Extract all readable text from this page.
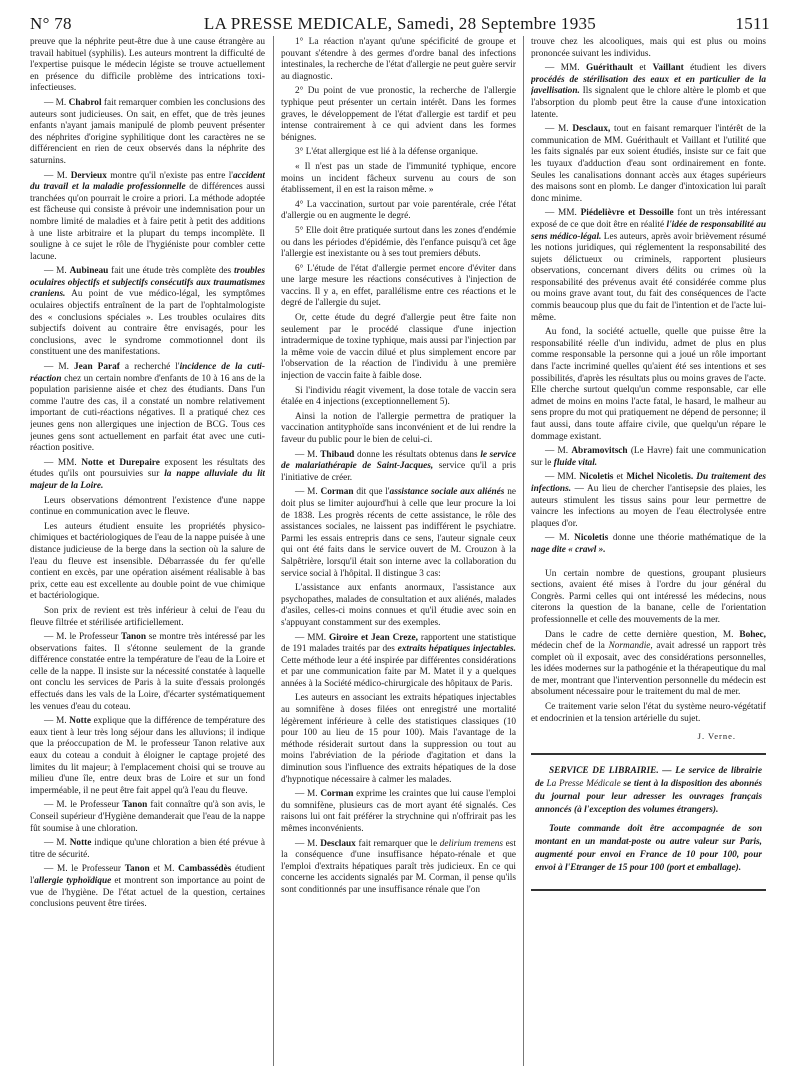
N° 78	LA PRESSE MEDICALE, Samedi, 28 Septembre 1935	1511

preuve que la néphrite peut-être due à une cause étrangère au travail habituel (syphilis). Les auteurs montrent la difficulté de l'expertise puisque le médecin légiste se trouve actuellement en présence du difficile problème des intrications toxi-infectieuses.

— M. Chabrol fait remarquer combien les conclusions des auteurs sont judicieuses. On sait, en effet, que de très jeunes enfants n'ayant jamais manipulé de plomb peuvent présenter des néphrites d'origine syphilitique dont les caractères ne se différencient en rien de ceux observés dans la néphrite des saturnins.

— M. Dervieux montre qu'il n'existe pas entre l'accident du travail et la maladie professionnelle de différences aussi tranchées qu'on pourrait le croire a priori. La méthode adoptée est fâcheuse qui consiste à prévoir une indemnisation pour un nombre limité de maladies et à faire petit à petit des additions à une liste arbitraire et la plupart du temps incomplète. Il souligne à ce sujet le rôle de l'hygiéniste pour combler cette lacune.

— M. Aubineau fait une étude très complète des troubles oculaires objectifs et subjectifs consécutifs aux traumatismes craniens. Au point de vue médico-légal, les symptômes oculaires objectifs entraînent de la part de l'ophtalmologiste des « conclusions spéciales ». Les troubles oculaires dits subjectifs doivent au contraire être envisagés, pour les conclusions, avec le syndrome commotionnel dont ils constituent une des manifestations.

— M. Jean Paraf a recherché l'incidence de la cuti-réaction chez un certain nombre d'enfants de 10 à 16 ans de la population parisienne aisée et chez des étudiants. Dans l'un comme l'autre des cas, il a constaté un nombre relativement important de cuti-réactions négatives. Il a pratiqué chez ces jeunes gens non allergiques une injection de BCG. Tous ces jeunes gens sont actuellement en parfait état avec une cuti-réaction positive.

— MM. Notte et Durepaire exposent les résultats des études qu'ils ont poursuivies sur la nappe alluviale du lit majeur de la Loire.

Leurs observations démontrent l'existence d'une nappe continue en communication avec le fleuve.

Les auteurs étudient ensuite les propriétés physico-chimiques et bactériologiques de l'eau de la nappe puisée à une distance judicieuse de la berge dans la section où la salure de l'eau du fleuve est insensible. Débarrassée du fer qu'elle contient en excès, par une opération aisément réalisable à bas prix, cette eau est excellente au double point de vue chimique et bactériologique.

Son prix de revient est très inférieur à celui de l'eau du fleuve filtrée et stérilisée artificiellement.

— M. le Professeur Tanon se montre très intéressé par les observations faites. Il s'étonne seulement de la grande différence constatée entre la température de l'eau de la Loire et celle de la nappe. Il insiste sur la nécessité constatée à laquelle ont conclu les services de Paris à la suite d'essais prolongés effectués dans les vals de la Loire, d'écarter systématiquement les venues d'eau du coteau.

— M. Notte explique que la différence de température des eaux tient à leur très long séjour dans les alluvions; il indique que la préoccupation de M. le professeur Tanon relative aux eaux du coteau a conduit à éloigner le captage projeté des limites du lit majeur; à l'emplacement choisi qui se trouve au milieu d'une île, entre deux bras de Loire et sur un fond imperméable, il ne peut être fait appel qu'à l'eau du fleuve.

— M. le Professeur Tanon fait connaître qu'à son avis, le Conseil supérieur d'Hygiène demanderait que l'eau de la nappe fût soumise à une chloration.

— M. Notte indique qu'une chloration a bien été prévue à titre de sécurité.

— M. le Professeur Tanon et M. Cambassédès étudient l'allergie typhoïdique et montrent son importance au point de vue de l'hygiène. De l'état actuel de la question, certaines conclusions peuvent être tirées.

1° La réaction n'ayant qu'une spécificité de groupe et pouvant s'étendre à des germes d'ordre banal des infections intestinales, la recherche de l'état d'allergie ne peut guère servir au diagnostic.

2° Du point de vue pronostic, la recherche de l'allergie typhique peut présenter un certain intérêt. Dans les formes graves, le développement de l'état d'allergie est tardif et peu intense contrairement à ce qui advient dans les formes bénignes.

3° L'état allergique est lié à la défense organique.

« Il n'est pas un stade de l'immunité typhique, encore moins un incident fâcheux survenu au cours de son établissement, il en est la raison même. »

4° La vaccination, surtout par voie parentérale, crée l'état d'allergie ou en augmente le degré.

5° Elle doit être pratiquée surtout dans les zones d'endémie ou dans les périodes d'épidémie, dès l'enfance puisqu'à cet âge l'allergie est inexistante ou à ses tout premiers débuts.

6° L'étude de l'état d'allergie permet encore d'éviter dans une large mesure les réactions consécutives à l'injection de vaccins. Il y a, en effet, parallélisme entre ces réactions et le degré de l'allergie du sujet.

Or, cette étude du degré d'allergie peut être faite non seulement par le procédé classique d'une injection intradermique de toxine typhique, mais aussi par l'injection par la même voie de vaccin dilué et plus simplement encore par l'observation de la réaction de l'individu à une première injection de vaccin faite à faible dose.

Si l'individu réagit vivement, la dose totale de vaccin sera étalée en 4 injections (exceptionnellement 5).

Ainsi la notion de l'allergie permettra de pratiquer la vaccination antityphoïde sans inconvénient et de lui rendre la faveur du public pour le bien de celui-ci.

— M. Thibaud donne les résultats obtenus dans le service de malariathérapie de Saint-Jacques, service qu'il a pris l'initiative de créer.

— M. Corman dit que l'assistance sociale aux aliénés ne doit plus se limiter aujourd'hui à celle que leur procure la loi de 1838. Les progrès récents de cette assistance, le rôle des assistances sociales, ne laissent pas indifférent le psychiatre. Parmi les essais entrepris dans ce sens, l'auteur signale ceux qui ont été faits dans le service ouvert de M. Crouzon à la Salpêtrière, lorsqu'il était son interne avec la collaboration du service social à l'hôpital. Il distingue 3 cas:

L'assistance aux enfants anormaux, l'assistance aux psychopathes, malades de consultation et aux aliénés, malades d'asiles, celles-ci moins connues et qu'il étudie avec soin en s'appuyant constamment sur des exemples.

— MM. Giroire et Jean Creze, rapportent une statistique de 191 malades traités par des extraits hépatiques injectables. Cette méthode leur a été inspirée par différentes considérations et par une communication faite par M. Matet il y a quelques années à la Société médico-chirurgicale des hôpitaux de Paris.

Les auteurs en associant les extraits hépatiques injectables au somnifène à doses filées ont enregistré une mortalité légèrement inférieure à celle des statistiques classiques (10 pour 100 au lieu de 15 pour 100). Mais l'avantage de la méthode résiderait surtout dans la suppression ou tout au moins l'abréviation de la période d'agitation et dans la diminution sous l'influence des extraits hépatiques de la dose d'hypnotique nécessaire à calmer les malades.

— M. Corman exprime les craintes que lui cause l'emploi du somnifène, plusieurs cas de mort ayant été signalés. Ces raisons lui ont fait préférer la strychnine qui n'offrirait pas les mêmes inconvénients.

— M. Desclaux fait remarquer que le delirium tremens est la conséquence d'une insuffisance hépato-rénale et que l'emploi d'extraits hépatiques paraît très judicieux. En ce qui concerne les accidents signalés par M. Corman, il pense qu'ils sont conditionnés par une insuffisance rénale que l'on

trouve chez les alcooliques, mais qui est plus ou moins prononcée suivant les individus.

— MM. Guérithault et Vaillant étudient les divers procédés de stérilisation des eaux et en particulier de la javellisation. Ils signalent que le chlore altère le plomb et que l'absorption du plomb peut être la cause d'une intoxication latente.

— M. Desclaux, tout en faisant remarquer l'intérêt de la communication de MM. Guérithault et Vaillant et l'utilité que les faits signalés par eux soient étudiés, insiste sur ce fait que les tuyaux d'adduction d'eau sont ordinairement en fonte. Seules les canalisations donnant accès aux étages supérieurs des maisons sont en plomb. Le danger d'intoxication lui paraît donc minime.

— MM. Piédelièvre et Dessoille font un très intéressant exposé de ce que doit être en réalité l'idée de responsabilité au sens médico-légal. Les auteurs, après avoir brièvement résumé les notions juridiques, qui réglementent la responsabilité des sujets délictueux ou criminels, rapportent plusieurs observations, concernant divers délits ou crimes où la responsabilité des prévenus avait été considérée comme plus ou moins grave avant tout, du fait des conséquences de l'acte commis beaucoup plus que du fait de l'intention et de l'acte lui-même.

Au fond, la société actuelle, quelle que puisse être la responsabilité réelle d'un individu, admet de plus en plus comme responsable la personne qui a joué un rôle important dans l'acte incriminé quelles qu'aient été ses intentions et ses possibilités, d'après les résultats plus ou moins graves de l'acte. Elle cherche surtout quelqu'un comme responsable, car elle admet de moins en moins l'acte fatal, le hasard, le malheur au sens propre du mot qui pratiquement ne dépend de personne; il faut aussi, dans toute affaire civile, que quelqu'un répare le dommage existant.

— M. Abramovitsch (Le Havre) fait une communication sur le fluide vital.

— MM. Nicoletis et Michel Nicoletis. Du traitement des infections. — Au lieu de chercher l'antisepsie des plaies, les auteurs stimulent les tissus sains pour leur permettre de vaincre les infections au moyen de l'eau électrolysée entre plaques d'or.

— M. Nicoletis donne une théorie mathématique de la nage dite « crawl ».

Un certain nombre de questions, groupant plusieurs sections, avaient été mises à l'ordre du jour général du Congrès. Parmi celles qui ont intéressé les médecins, nous citerons la question de la banane, celle de l'orientation professionnelle et celle des mouvements de la mer.

Dans le cadre de cette dernière question, M. Bohec, médecin chef de la Normandie, avait adressé un rapport très complet où il exposait, avec des considérations personnelles, les idées modernes sur la pathogénie et la thérapeutique du mal de mer, montrant que l'intervention personnelle du médecin est absolument nécessaire pour le traitement du mal de mer.

Ce traitement varie selon l'état du système neuro-végétatif et endocrinien et la tension artérielle du sujet.

J. Verne.

SERVICE DE LIBRAIRIE. — Le service de librairie de La Presse Médicale se tient à la disposition des abonnés du journal pour leur adresser les ouvrages français annoncés (à l'exception des volumes étrangers).

Toute commande doit être accompagnée de son montant en un mandat-poste ou autre valeur sur Paris, augmenté pour envoi en France de 10 pour 100, pour envoi à l'Etranger de 15 pour 100 (port et emballage).
